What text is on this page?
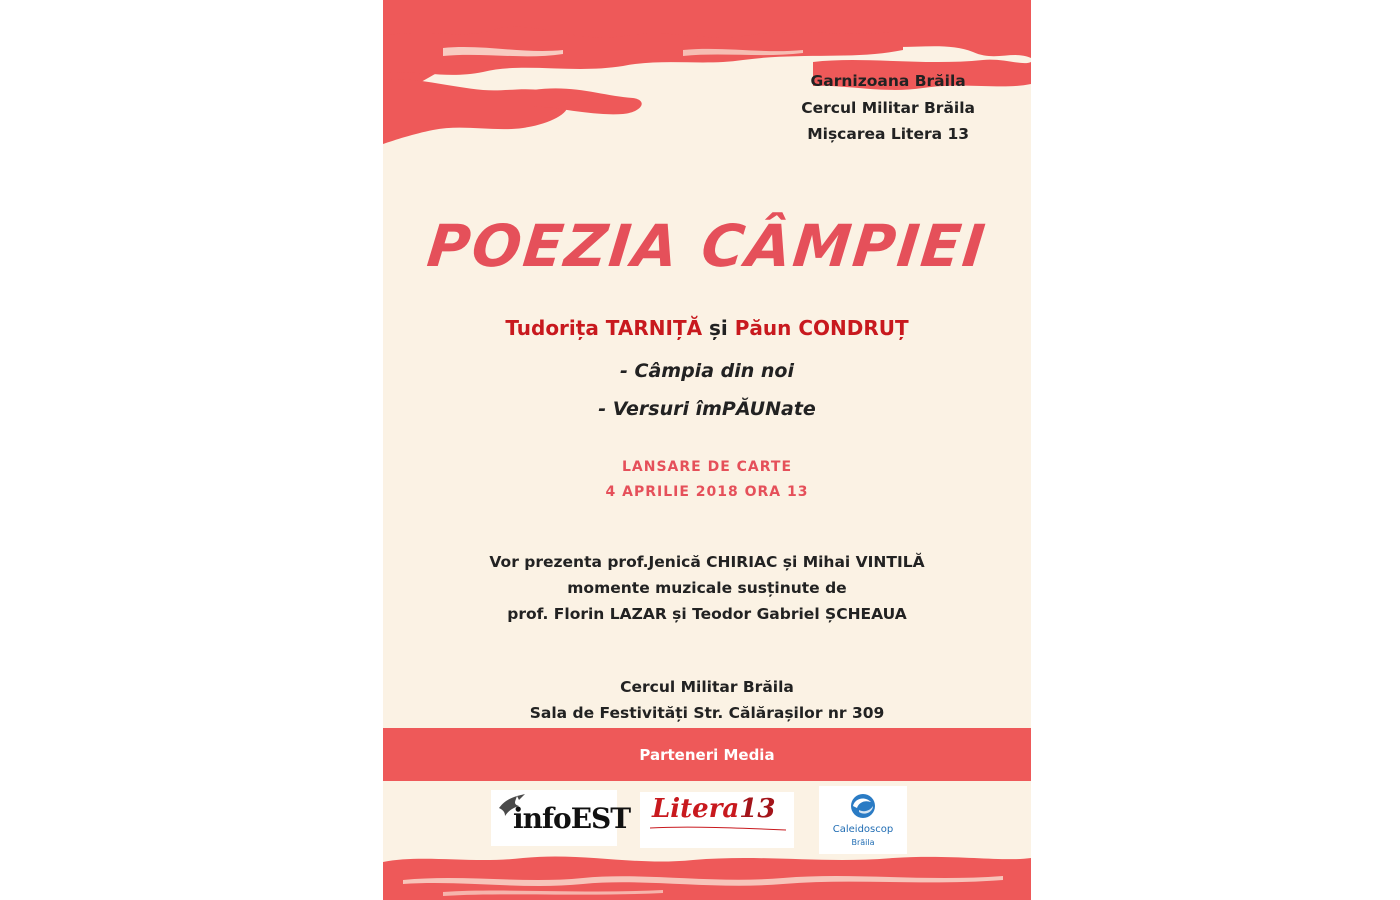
Garnizoana Brăila
Cercul Militar Brăila
Mișcarea Litera 13
POEZIA CÂMPIEI
Tudorița TARNIȚĂ și Păun CONDRUȚ
- Câmpia din noi
- Versuri îmPĂUNate
LANSARE DE CARTE
4 APRILIE 2018 ORA 13
Vor prezenta prof.Jenică CHIRIAC și Mihai VINTILĂ
momente muzicale susținute de
prof. Florin LAZAR și Teodor Gabriel ȘCHEAUA
Cercul Militar Brăila
Sala de Festivități Str. Călărașilor nr 309
Parteneri Media
infoEST Litera13
Caleidoscop
Brăila
